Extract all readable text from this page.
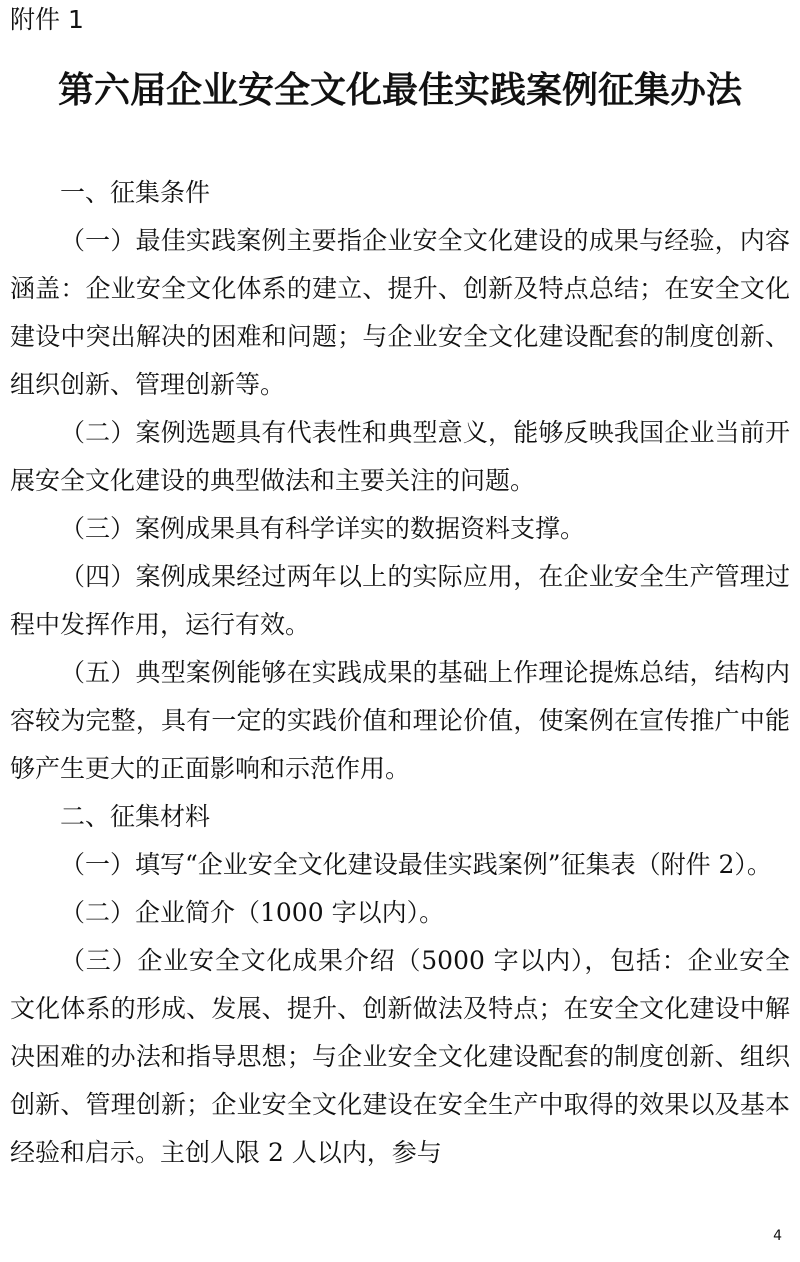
附件 1

第六届企业安全文化最佳实践案例征集办法
一、征集条件

（一）最佳实践案例主要指企业安全文化建设的成果与经验，内容涵盖：企业安全文化体系的建立、提升、创新及特点总结；在安全文化建设中突出解决的困难和问题；与企业安全文化建设配套的制度创新、组织创新、管理创新等。

（二）案例选题具有代表性和典型意义，能够反映我国企业当前开展安全文化建设的典型做法和主要关注的问题。

（三）案例成果具有科学详实的数据资料支撑。

（四）案例成果经过两年以上的实际应用，在企业安全生产管理过程中发挥作用，运行有效。

（五）典型案例能够在实践成果的基础上作理论提炼总结，结构内容较为完整，具有一定的实践价值和理论价值，使案例在宣传推广中能够产生更大的正面影响和示范作用。

二、征集材料

（一）填写“企业安全文化建设最佳实践案例”征集表（附件 2）。

（二）企业简介（1000 字以内）。

（三）企业安全文化成果介绍（5000 字以内），包括：企业安全文化体系的形成、发展、提升、创新做法及特点；在安全文化建设中解决困难的办法和指导思想；与企业安全文化建设配套的制度创新、组织创新、管理创新；企业安全文化建设在安全生产中取得的效果以及基本经验和启示。主创人限 2 人以内，参与

4
